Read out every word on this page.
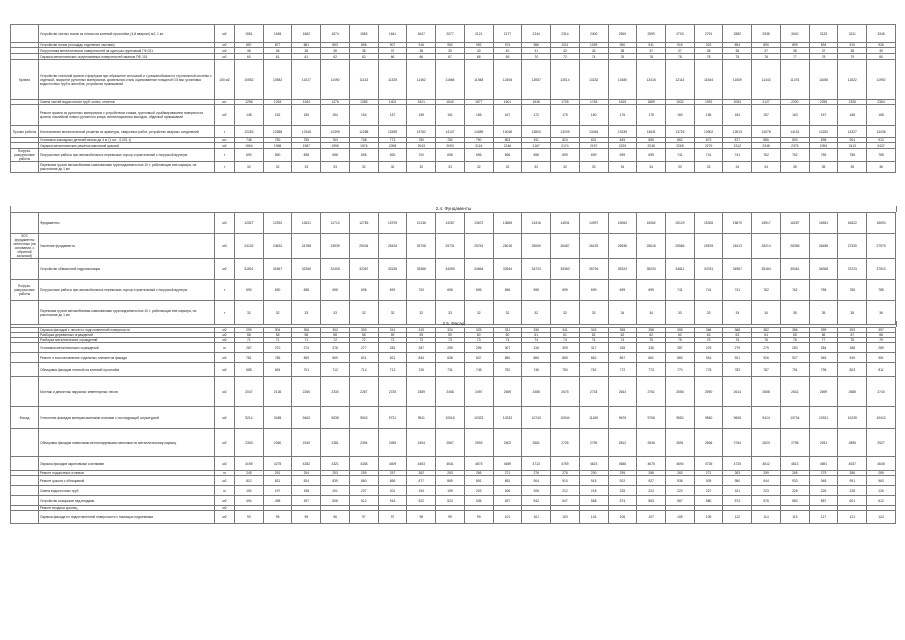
	Устройство чистых полов из плитки на клеевой прослойке (4-й квартал) м2, 1 кл.	м2	1551	1545	1562	1574	1583	1641	1647	2077	2121	2177	2244	2314	2400	2500	2599	2703	2791	2882	2938	3040	3133	3211	3345
	Устройство полов (площадь отделения частями)	м2	857	877	881	893	896	907	916	952	952	974	986	1011	1039	950	931	915	922	894	890	899	894	910	926
	Погрунтовка металлических поверхностей за один раз грунтовкой ГФ-021	м2	36	36	36	36	36	37	38	39	40	40	41	42	43	38	37	37	38	36	37	38	37	38	39
	Окраска металлических огрунтованных поверхностей эмалью ПФ-115	м2	60	61	61	62	62	66	66	67	68	69	70	72	74	76	78	78	78	75	76	77	78	79	80
Кровля	Устройство стальной кровли и фартуков при обрешетке сплошной и с разжелобками по стропильной системе с отделкой, покрытие рулонных материалов, кровельная сталь оцинкованная толщиной 0,5 мм; установка водосточных труб и желобов, устройство примыканий	100 м2	10552	10582	11027	11090	11143	11325	11462	11666	11948	12406	12657	13014	13232	13480	12416	12114	11544	11509	11443	11476	11658	11822	11992
	Смена частей водосточных труб: колен, отметов	шт	1256	1263	1264	1276	1285	1402	1521	1540	1577	1601	1646	1705	1748	1815	1889	1932	1992	2063	2127	2200	2259	2326	2384
	Ремонт кровли из рулонных материалов с устройством стяжки, грунтовкой, праймированием поверхности кровли, наклейкой нового рулонного ковра, вентиляционных выходов, обделкой примыканий	м2	148	152	150	154	154	157	159	161	165	167	172	175	180	176	178	160	155	154	157	163	167	168	168
Прочие работы	Изготовление металлической решетки из арматуры, сварочных работ; устройство сварных соединений	т	12283	12388	12348	12395	12288	12699	13762	14137	14089	14048	13800	13209	13464	13339	13631	13725	13902	13913	14078	14151	14252	14327	14435
	Установка закладных деталей весом до 4 кг (1 шт - 0,001 т)	шт	748	750	755	763	768	773	780	782	790	803	811	824	831	845	855	862	873	877	886	893	898	904	913
	Окраска металлических решеток масляной краской	м2	1954	1965	1987	1995	1976	2008	2043	2093	2116	2146	2167	2174	2197	2229	2248	2265	2279	2312	2348	2375	2394	2413	2437
Погрузо-разгрузочные работы	Погрузочные работы при автомобильных перевозках: мусор строительный с погрузкой вручную	т	690	690	698	698	696	692	700	696	696	696	698	699	699	699	699	741	741	741	762	762	785	785	785
	Перевозка грузов автомобилями-самосвалами грузоподъемностью 10 т, работающих вне карьера, на расстояние до 1 км	т	32	32	33	33	32	32	32	33	32	32	32	32	33	34	34	33	33	34	34	35	35	35	36
2.4. Фундаменты
	Фундаменты	м3	12527	12392	12631	12710	12783	12975	13136	13287	13672	13685	14316	14531	14997	15064	15062	15129	15326	15870	15917	16287	16551	16622	16693
ЗОС фундаменты ленточные (на основании, с обратной засыпкой)	Усиление фундамента	м3	24132	24632	24788	24939	25034	25434	25708	25731	25751	26018	26069	26487	26478	26536	25616	25566	25576	26113	26214	26356	26485	27330	27579
	Устройство обмазочной гидроизоляции	м2	31801	31867	32266	32405	32367	33155	33386	34059	34664	33264	34703	35360	35794	35324	35203	34811	34781	34967	35184	35461	36365	37223	37510
Погрузо-разгрузочные работы	Погрузочные работы при автомобильных перевозках: мусор строительный с погрузкой вручную	т	690	690	698	698	696	692	700	696	696	696	698	699	699	699	699	741	741	741	762	762	785	785	785
	Перевозка грузов автомобилями-самосвалами грузоподъемностью 10 т, работающих вне карьера, на расстояние до 1 км	т	32	32	33	33	32	32	32	33	32	32	32	32	33	34	34	33	33	34	34	35	35	35	36
2.5. Фасад
	Окраска фасадов с лесов по подготовленной поверхности	м2	299	304	306	302	309	314	319	324	329	331	336	341	343	355	358	359	366	368	382	386	399	393	397
	Разборка деревянных ограждений	м2	58	58	58	58	58	59	59	59	60	60	61	61	62	62	62	62	63	63	64	65	66	67	68
	Разборка металлических ограждений	м2	71	71	71	72	72	72	72	73	73	74	74	74	74	74	75	75	75	76	76	76	77	78	79
	Установка металлических ограждений	м	267	270	274	276	277	281	287	289	296	307	316	309	317	326	336	287	278	279	279	283	284	288	289
	Ремонт и восстановление отдельных элементов фасада	м2	781	786	805	809	811	821	834	838	837	850	865	869	862	867	861	883	916	921	926	927	945	949	951
	Облицовка фасадов плиткой на клеевой прослойке	м2	688	694	701	712	714	713	726	731	745	752	746	750	762	772	773	770	778	783	787	791	796	803	811
	Монтаж и демонтаж наружных инвентарных лесов	м2	2047	2136	2265	2330	2287	2378	2389	2458	2497	2569	2485	2675	2718	2644	2761	2556	2590	2614	2658	2642	2699	2688	2740
Фасад	Утепление фасадов минераловатными плитами с последующей штукатуркой	м2	9214	9455	9463	9538	9543	9721	9911	10016	10323	10333	10743	10944	11169	9675	9706	9552	9560	9605	9414	10704	10921	10239	10412
	Облицовка фасадов навесными вентилируемыми панелями по металлическому каркасу	м2	2353	2360	2349	2381	2394	2459	2494	2567	2593	2502	2681	2726	2795	2812	2836	2691	2696	2764	2823	2798	2931	2895	2927
	Окраска фасадов акриловыми составами	м2	4159	4275	4282	4321	4338	4409	4463	4541	4675	4659	4713	4759	4623	4658	4675	4694	4735	4725	4812	4813	4691	4637	4648
	Ремонт подоконных отливов	м	245	251	254	253	259	257	262	263	265	271	276	278	290	295	286	263	271	263	259	265	279	286	289
	Ремонт цоколя с облицовкой	м2	812	821	824	839	860	865	877	869	891	892	904	910	915	922	927	936	939	950	944	933	948	951	963
	Смена водосточных труб	м	194	197	198	201	207	201	194	199	203	208	206	212	218	225	224	223	227	221	223	226	226	228	226
	Устройство козырьков над входами	м2	494	498	497	508	512	516	522	524	536	537	542	547	568	574	563	567	580	574	578	583	587	601	612
	Ремонт входных крылец	м2																							
	Окраска фасада по подготовленной поверхности с помощью подъемника	м2	93	95	95	96	97	97	98	99	99	101	101	103	104	106	107	105	109	112	114	115	117	121	124
